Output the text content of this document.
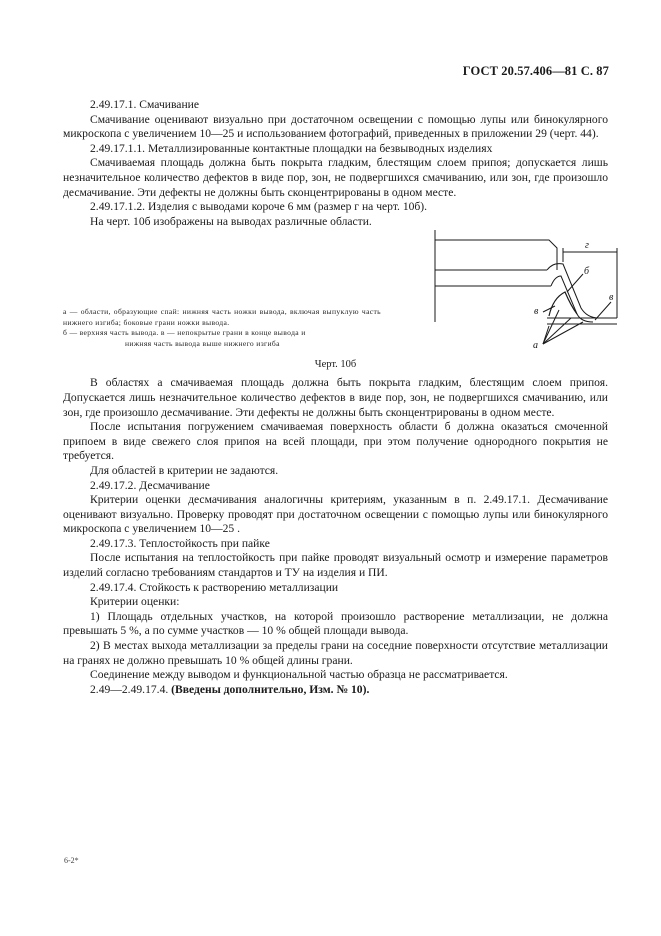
ГОСТ 20.57.406—81 С. 87

2.49.17.1. Смачивание

Смачивание оценивают визуально при достаточном освещении с помощью лупы или бинокулярного микроскопа с увеличением 10—25 и использованием фотографий, приведенных в приложении 29 (черт. 44).

2.49.17.1.1. Металлизированные контактные площадки на безвыводных изделиях

Смачиваемая площадь должна быть покрыта гладким, блестящим слоем припоя; допускается лишь незначительное количество дефектов в виде пор, зон, не подвергшихся смачиванию, или зон, где произошло десмачивание. Эти дефекты не должны быть сконцентрированы в одном месте.

2.49.17.1.2. Изделия с выводами короче 6 мм (размер г на черт. 10б).

На черт. 10б изображены на выводах различные области.

а — области, образующие спай: нижняя часть ножки вывода, включая выпуклую часть нижнего изгиба; боковые грани ножки вывода.
б — верхняя часть вывода. в — непокрытые грани в конце вывода и
нижняя часть вывода выше нижнего изгиба
г
б
в
в
а

Черт. 10б

В областях а смачиваемая площадь должна быть покрыта гладким, блестящим слоем припоя. Допускается лишь незначительное количество дефектов в виде пор, зон, не подвергшихся смачиванию, или зон, где произошло десмачивание. Эти дефекты не должны быть сконцентрированы в одном месте.

После испытания погружением смачиваемая поверхность области б должна оказаться смоченной припоем в виде свежего слоя припоя на всей площади, при этом получение однородного покрытия не требуется.

Для областей в критерии не задаются.

2.49.17.2. Десмачивание

Критерии оценки десмачивания аналогичны критериям, указанным в п. 2.49.17.1. Десмачивание оценивают визуально. Проверку проводят при достаточном освещении с помощью лупы или бинокулярного микроскопа с увеличением 10—25 .

2.49.17.3. Теплостойкость при пайке

После испытания на теплостойкость при пайке проводят визуальный осмотр и измерение параметров изделий согласно требованиям стандартов и ТУ на изделия и ПИ.

2.49.17.4. Стойкость к растворению металлизации

Критерии оценки:

1) Площадь отдельных участков, на которой произошло растворение металлизации, не должна превышать 5 %, а по сумме участков — 10 % общей площади вывода.

2) В местах выхода металлизации за пределы грани на соседние поверхности отсутствие металлизации на гранях не должно превышать 10 % общей длины грани.

Соединение между выводом и функциональной частью образца не рассматривается.

2.49—2.49.17.4. (Введены дополнительно, Изм. № 10).

6-2*
